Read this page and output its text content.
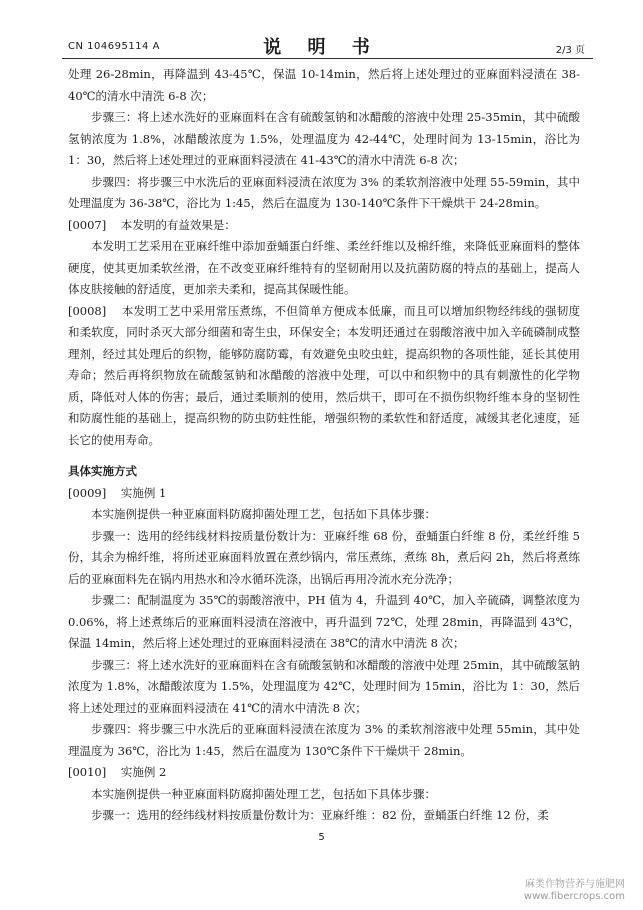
CN 104695114 A	说 明 书	2/3 页

处理 26-28min，再降温到 43-45℃，保温 10-14min，然后将上述处理过的亚麻面料浸渍在 38-40℃的清水中清洗 6-8 次；

步骤三：将上述水洗好的亚麻面料在含有硫酸氢钠和冰醋酸的溶液中处理 25-35min，其中硫酸氢钠浓度为 1.8%，冰醋酸浓度为 1.5%，处理温度为 42-44℃，处理时间为 13-15min，浴比为 1：30，然后将上述处理过的亚麻面料浸渍在 41-43℃的清水中清洗 6-8 次；

步骤四：将步骤三中水洗后的亚麻面料浸渍在浓度为 3% 的柔软剂溶液中处理 55-59min，其中处理温度为 36-38℃，浴比为 1:45，然后在温度为 130-140℃条件下干燥烘干 24-28min。

[0007] 本发明的有益效果是：

本发明工艺采用在亚麻纤维中添加蚕蛹蛋白纤维、柔丝纤维以及棉纤维，来降低亚麻面料的整体硬度，使其更加柔软丝滑，在不改变亚麻纤维特有的坚韧耐用以及抗菌防腐的特点的基础上，提高人体皮肤接触的舒适度，更加亲夫柔和，提高其保暖性能。

[0008] 本发明工艺中采用常压煮练，不但简单方便成本低廉，而且可以增加织物经纬线的强韧度和柔软度，同时杀灭大部分细菌和寄生虫，环保安全；本发明还通过在弱酸溶液中加入辛硫磷制成整理剂，经过其处理后的织物，能够防腐防霉，有效避免虫咬虫蛀，提高织物的各项性能，延长其使用寿命；然后再将织物放在硫酸氢钠和冰醋酸的溶液中处理，可以中和织物中的具有刺激性的化学物质，降低对人体的伤害；最后，通过柔顺剂的使用，然后烘干，即可在不损伤织物纤维本身的坚韧性和防腐性能的基础上，提高织物的防虫防蛀性能，增强织物的柔软性和舒适度，减缓其老化速度，延长它的使用寿命。

具体实施方式

[0009] 实施例 1

本实施例提供一种亚麻面料防腐抑菌处理工艺，包括如下具体步骤：

步骤一：选用的经纬线材料按质量份数计为：亚麻纤维 68 份，蚕蛹蛋白纤维 8 份，柔丝纤维 5 份，其余为棉纤维，将所述亚麻面料放置在煮纱锅内，常压煮练，煮练 8h，煮后闷 2h，然后将煮练后的亚麻面料先在锅内用热水和冷水循环洗涤，出锅后再用冷流水充分洗净；

步骤二：配制温度为 35℃的弱酸溶液中，PH 值为 4，升温到 40℃，加入辛硫磷，调整浓度为 0.06%，将上述煮练后的亚麻面料浸渍在溶液中，再升温到 72℃，处理 28min，再降温到 43℃，保温 14min，然后将上述处理过的亚麻面料浸渍在 38℃的清水中清洗 8 次；

步骤三：将上述水洗好的亚麻面料在含有硫酸氢钠和冰醋酸的溶液中处理 25min，其中硫酸氢钠浓度为 1.8%，冰醋酸浓度为 1.5%，处理温度为 42℃，处理时间为 15min，浴比为 1：30，然后将上述处理过的亚麻面料浸渍在 41℃的清水中清洗 8 次；

步骤四：将步骤三中水洗后的亚麻面料浸渍在浓度为 3% 的柔软剂溶液中处理 55min，其中处理温度为 36℃，浴比为 1:45，然后在温度为 130℃条件下干燥烘干 28min。

[0010] 实施例 2

本实施例提供一种亚麻面料防腐抑菌处理工艺，包括如下具体步骤：

步骤一：选用的经纬线材料按质量份数计为：亚麻纤维 ：82 份，蚕蛹蛋白纤维 12 份，柔

5
麻类作物营养与施肥网
www.fibercrops.com
